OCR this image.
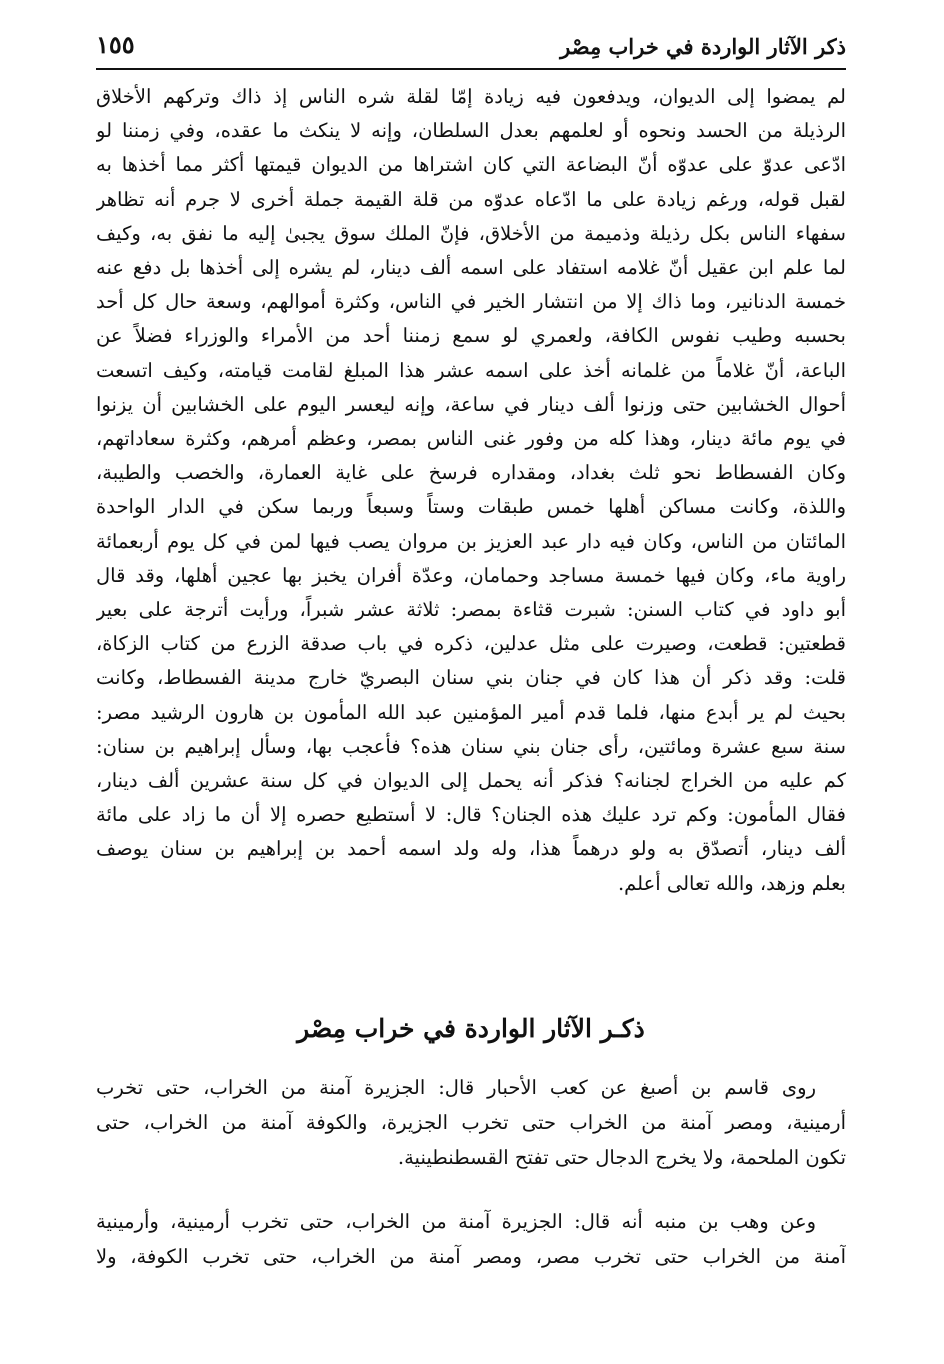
ذكر الآثار الواردة في خراب مِصْر
١٥٥
لم يمضوا إلى الديوان، ويدفعون فيه زيادة إمّا لقلة شره الناس إذ ذاك وتركهم الأخلاق
الرذيلة من الحسد ونحوه أو لعلمهم بعدل السلطان، وإنه لا ينكث ما عقده، وفي زمننا لو
ادّعى عدوّ على عدوّه أنّ البضاعة التي كان اشتراها من الديوان قيمتها أكثر مما أخذها به
لقبل قوله، ورغم زيادة على ما ادّعاه عدوّه من قلة القيمة جملة أخرى لا جرم أنه تظاهر
سفهاء الناس بكل رذيلة وذميمة من الأخلاق، فإنّ الملك سوق يجبىٰ إليه ما نفق به، وكيف
لما علم ابن عقيل أنّ غلامه استفاد على اسمه ألف دينار، لم يشره إلى أخذها بل دفع عنه
خمسة الدنانير، وما ذاك إلا من انتشار الخير في الناس، وكثرة أموالهم، وسعة حال كل أحد
بحسبه وطيب نفوس الكافة، ولعمري لو سمع زمننا أحد من الأمراء والوزراء فضلاً عن
الباعة، أنّ غلاماً من غلمانه أخذ على اسمه عشر هذا المبلغ لقامت قيامته، وكيف اتسعت
أحوال الخشابين حتى وزنوا ألف دينار في ساعة، وإنه ليعسر اليوم على الخشابين أن يزنوا
في يوم مائة دينار، وهذا كله من وفور غنى الناس بمصر، وعظم أمرهم، وكثرة سعاداتهم،
وكان الفسطاط نحو ثلث بغداد، ومقداره فرسخ على غاية العمارة، والخصب والطيبة،
واللذة، وكانت مساكن أهلها خمس طبقات وستاً وسبعاً وربما سكن في الدار الواحدة
المائتان من الناس، وكان فيه دار عبد العزيز بن مروان يصب فيها لمن في كل يوم أربعمائة
راوية ماء، وكان فيها خمسة مساجد وحمامان، وعدّة أفران يخبز بها عجين أهلها، وقد قال
أبو داود في كتاب السنن: شبرت قثاءة بمصر: ثلاثة عشر شبراً، ورأيت أترجة على بعير
قطعتين: قطعت، وصيرت على مثل عدلين، ذكره في باب صدقة الزرع من كتاب الزكاة،
قلت: وقد ذكر أن هذا كان في جنان بني سنان البصريّ خارج مدينة الفسطاط، وكانت
بحيث لم ير أبدع منها، فلما قدم أمير المؤمنين عبد الله المأمون بن هارون الرشيد مصر:
سنة سبع عشرة ومائتين، رأى جنان بني سنان هذه؟ فأعجب بها، وسأل إبراهيم بن سنان:
كم عليه من الخراج لجنانه؟ فذكر أنه يحمل إلى الديوان في كل سنة عشرين ألف دينار،
فقال المأمون: وكم ترد عليك هذه الجنان؟ قال: لا أستطيع حصره إلا أن ما زاد على مائة
ألف دينار، أتصدّق به ولو درهماً هذا، وله ولد اسمه أحمد بن إبراهيم بن سنان يوصف
بعلم وزهد، والله تعالى أعلم.
ذكـر الآثار الواردة في خراب مِصْر
روى قاسم بن أصبغ عن كعب الأحبار قال: الجزيرة آمنة من الخراب، حتى تخرب
أرمينية، ومصر آمنة من الخراب حتى تخرب الجزيرة، والكوفة آمنة من الخراب، حتى
تكون الملحمة، ولا يخرج الدجال حتى تفتح القسطنطينية.
وعن وهب بن منبه أنه قال: الجزيرة آمنة من الخراب، حتى تخرب أرمينية، وأرمينية
آمنة من الخراب حتى تخرب مصر، ومصر آمنة من الخراب، حتى تخرب الكوفة، ولا
